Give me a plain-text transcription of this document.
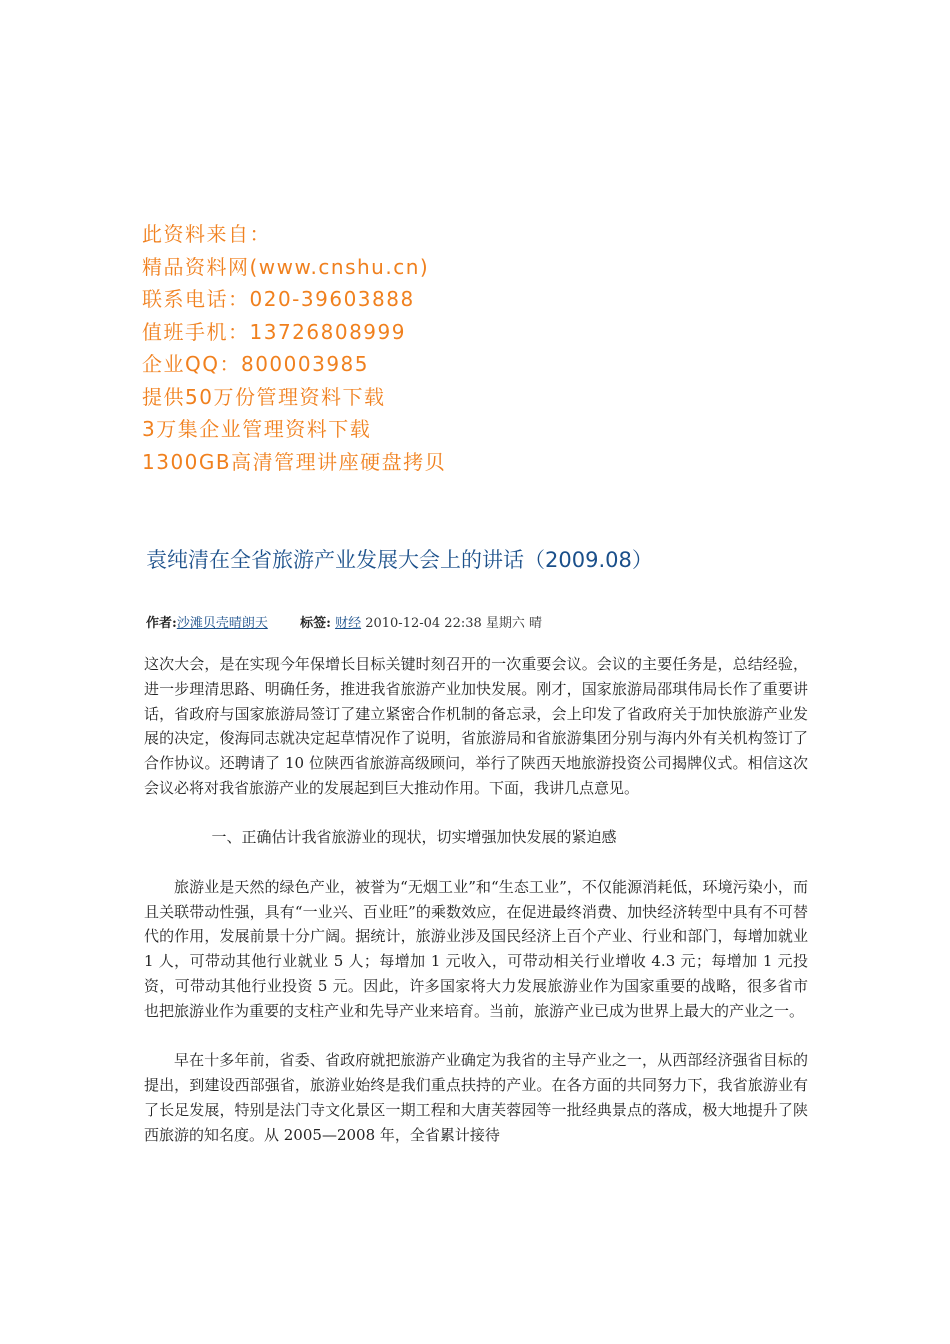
此资料来自：
精品资料网(www.cnshu.cn)
联系电话：020-39603888
值班手机：13726808999
企业QQ：800003985
提供50万份管理资料下载
3万集企业管理资料下载
1300GB高清管理讲座硬盘拷贝
袁纯清在全省旅游产业发展大会上的讲话（2009.08）
作者:沙滩贝壳晴朗天 标签: 财经 2010-12-04 22:38 星期六 晴

这次大会，是在实现今年保增长目标关键时刻召开的一次重要会议。会议的主要任务是，总结经验，进一步理清思路、明确任务，推进我省旅游产业加快发展。刚才，国家旅游局邵琪伟局长作了重要讲话，省政府与国家旅游局签订了建立紧密合作机制的备忘录，会上印发了省政府关于加快旅游产业发展的决定，俊海同志就决定起草情况作了说明，省旅游局和省旅游集团分别与海内外有关机构签订了合作协议。还聘请了 10 位陕西省旅游高级顾问，举行了陕西天地旅游投资公司揭牌仪式。相信这次会议必将对我省旅游产业的发展起到巨大推动作用。下面，我讲几点意见。

一、正确估计我省旅游业的现状，切实增强加快发展的紧迫感

旅游业是天然的绿色产业，被誉为“无烟工业”和“生态工业”，不仅能源消耗低，环境污染小，而且关联带动性强，具有“一业兴、百业旺”的乘数效应，在促进最终消费、加快经济转型中具有不可替代的作用，发展前景十分广阔。据统计，旅游业涉及国民经济上百个产业、行业和部门，每增加就业 1 人，可带动其他行业就业 5 人；每增加 1 元收入，可带动相关行业增收 4.3 元；每增加 1 元投资，可带动其他行业投资 5 元。因此，许多国家将大力发展旅游业作为国家重要的战略，很多省市也把旅游业作为重要的支柱产业和先导产业来培育。当前，旅游产业已成为世界上最大的产业之一。

早在十多年前，省委、省政府就把旅游产业确定为我省的主导产业之一，从西部经济强省目标的提出，到建设西部强省，旅游业始终是我们重点扶持的产业。在各方面的共同努力下，我省旅游业有了长足发展，特别是法门寺文化景区一期工程和大唐芙蓉园等一批经典景点的落成，极大地提升了陕西旅游的知名度。从 2005—2008 年，全省累计接待
